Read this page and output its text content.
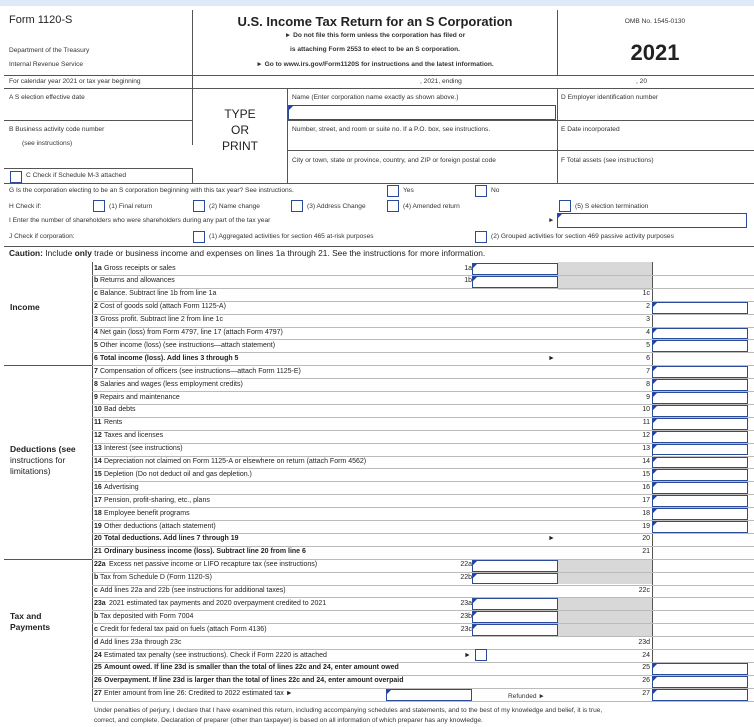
Form 1120-S
Department of the Treasury
Internal Revenue Service
U.S. Income Tax Return for an S Corporation
► Do not file this form unless the corporation has filed or
is attaching Form 2553 to elect to be an S corporation.
► Go to www.irs.gov/Form1120S for instructions and the latest information.
OMB No. 1545-0130
2021
For calendar year 2021 or tax year beginning	, 2021, ending	, 20
A S election effective date
B Business activity code number
(see instructions)
C Check if Schedule M-3 attached
TYPE
OR
PRINT
Name (Enter corporation name exactly as shown above.)
Number, street, and room or suite no. If a P.O. box, see instructions.
City or town, state or province, country, and ZIP or foreign postal code
D Employer identification number
E Date incorporated
F Total assets (see instructions)
G Is the corporation electing to be an S corporation beginning with this tax year? See instructions.	Yes	No
H Check if:	(1) Final return	(2) Name change	(3) Address Change	(4) Amended return	(5) S election termination
I Enter the number of shareholders who were shareholders during any part of the tax year	►
J Check if corporation:	(1) Aggregated activities for section 465 at-risk purposes	(2) Grouped activities for section 469 passive activity purposes
Caution: Include only trade or business income and expenses on lines 1a through 21. See the instructions for more information.
1a Gross receipts or sales	1a
b Returns and allowances	1b
c Balance. Subtract line 1b from line 1a	1c
2 Cost of goods sold (attach Form 1125-A)	2
3 Gross profit. Subtract line 2 from line 1c	3
4 Net gain (loss) from Form 4797, line 17 (attach Form 4797)	4
5 Other income (loss) (see instructions—attach statement)	5
6 Total income (loss). Add lines 3 through 5	6
►
7 Compensation of officers (see instructions—attach Form 1125-E)	7
8 Salaries and wages (less employment credits)	8
9 Repairs and maintenance	9
10 Bad debts	10
11 Rents	11
12 Taxes and licenses	12
13 Interest (see instructions)	13
14 Depreciation not claimed on Form 1125-A or elsewhere on return (attach Form 4562)	14
15 Depletion (Do not deduct oil and gas depletion.)	15
16 Advertising	16
17 Pension, profit-sharing, etc., plans	17
18 Employee benefit programs	18
19 Other deductions (attach statement)	19
20 Total deductions. Add lines 7 through 19	20
►
21 Ordinary business income (loss). Subtract line 20 from line 6	21
22a Excess net passive income or LIFO recapture tax (see instructions)	22a
b Tax from Schedule D (Form 1120-S)	22b
c Add lines 22a and 22b (see instructions for additional taxes)	22c
23a 2021 estimated tax payments and 2020 overpayment credited to 2021	23a
b Tax deposited with Form 7004	23b
c Credit for federal tax paid on fuels (attach Form 4136)	23c
d Add lines 23a through 23c	23d
24 Estimated tax penalty (see instructions). Check if Form 2220 is attached	24
►
25 Amount owed. If line 23d is smaller than the total of lines 22c and 24, enter amount owed	25
26 Overpayment. If line 23d is larger than the total of lines 22c and 24, enter amount overpaid	26
27 Enter amount from line 26: Credited to 2022 estimated tax ►	27
Income
Deductions (see
instructions for
limitations)
Tax and
Payments
Refunded ►
Under penalties of perjury, I declare that I have examined this return, including accompanying schedules and statements, and to the best of my knowledge and belief, it is true,
correct, and complete. Declaration of preparer (other than taxpayer) is based on all information of which preparer has any knowledge.
